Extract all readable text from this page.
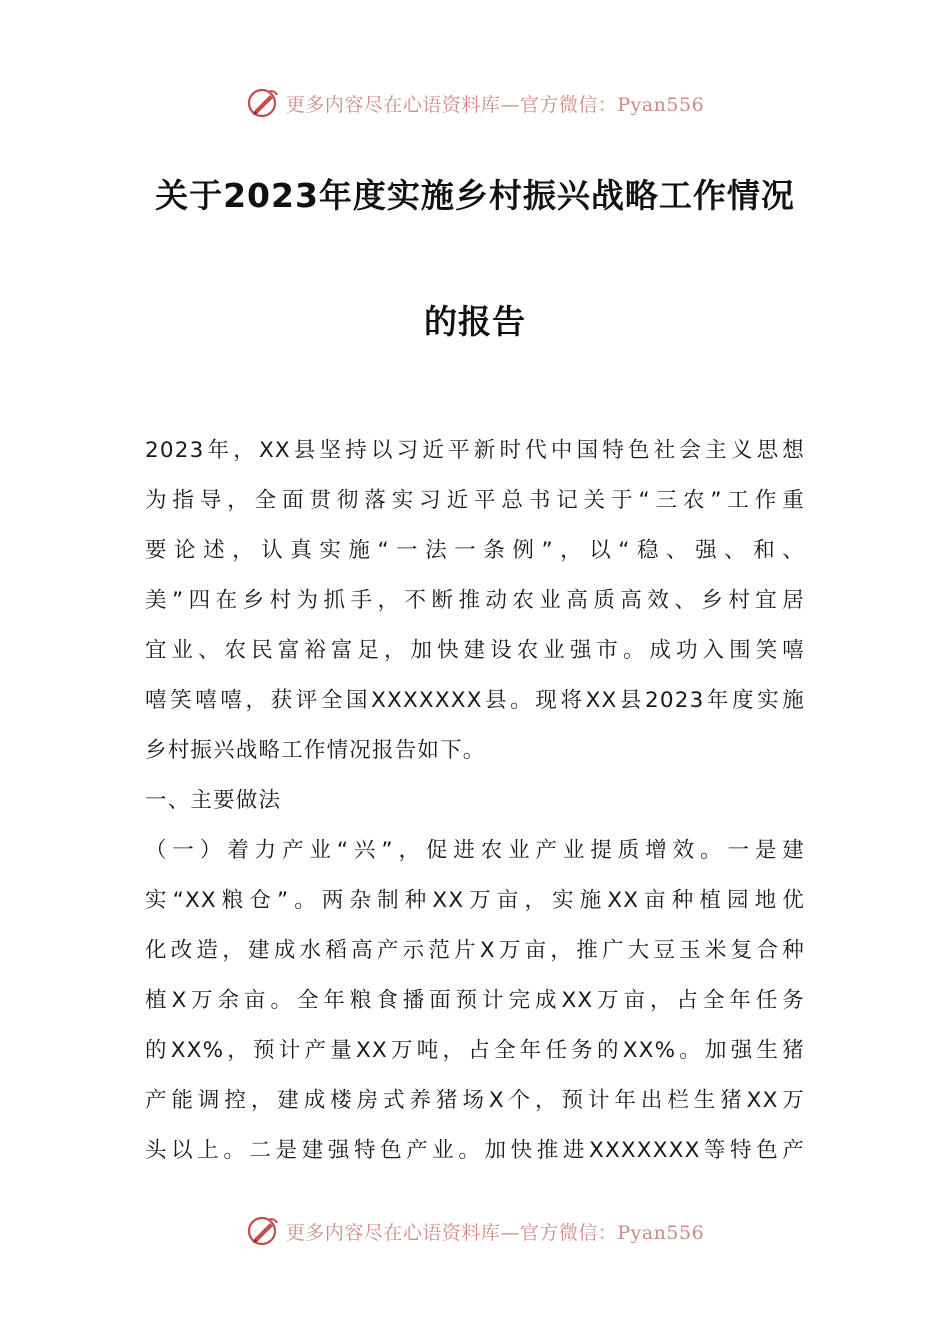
更多内容尽在心语资料库—官方微信：Pyan556
关于2023年度实施乡村振兴战略工作情况
的报告

2023年，XX县坚持以习近平新时代中国特色社会主义思想

为指导，全面贯彻落实习近平总书记关于“三农”工作重

要论述，认真实施“一法一条例”，以“稳、强、和、

美”四在乡村为抓手，不断推动农业高质高效、乡村宜居

宜业、农民富裕富足，加快建设农业强市。成功入围笑嘻

嘻笑嘻嘻，获评全国XXXXXXX县。现将XX县2023年度实施

乡村振兴战略工作情况报告如下。

一、主要做法

（一）着力产业“兴”，促进农业产业提质增效。一是建

实“XX粮仓”。两杂制种XX万亩，实施XX亩种植园地优

化改造，建成水稻高产示范片X万亩，推广大豆玉米复合种

植X万余亩。全年粮食播面预计完成XX万亩，占全年任务

的XX%，预计产量XX万吨，占全年任务的XX%。加强生猪

产能调控，建成楼房式养猪场X个，预计年出栏生猪XX万

头以上。二是建强特色产业。加快推进XXXXXXX等特色产

更多内容尽在心语资料库—官方微信：Pyan556
